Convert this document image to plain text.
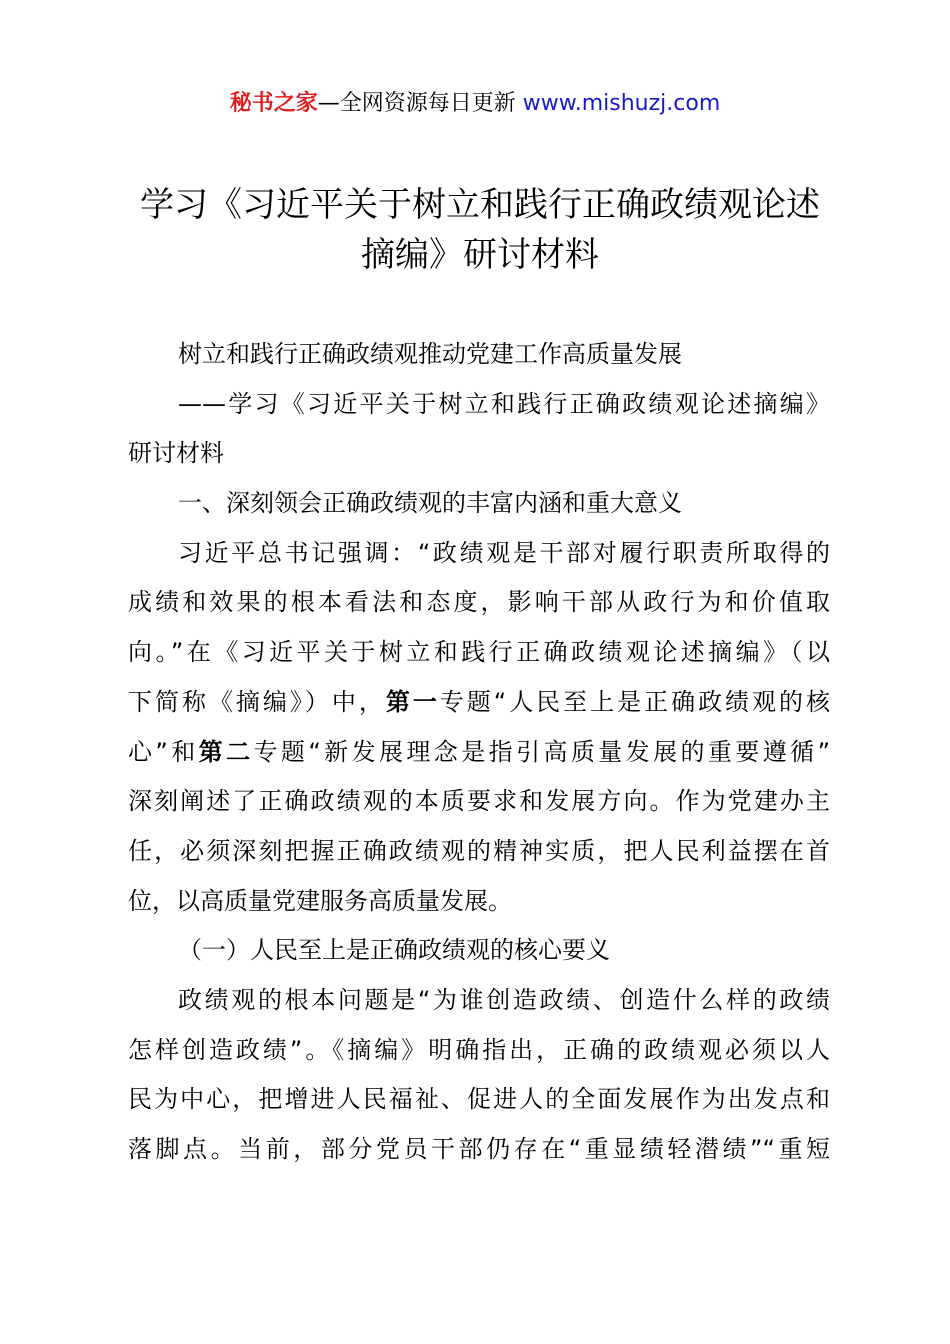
秘书之家—全网资源每日更新 www.mishuzj.com
学习《习近平关于树立和践行正确政绩观论述
摘编》研讨材料
树立和践行正确政绩观推动党建工作高质量发展
——学习《习近平关于树立和践行正确政绩观论述摘编》
研讨材料
一、深刻领会正确政绩观的丰富内涵和重大意义
习近平总书记强调：“政绩观是干部对履行职责所取得的
成绩和效果的根本看法和态度，影响干部从政行为和价值取
向。”在《习近平关于树立和践行正确政绩观论述摘编》（以
下简称《摘编》）中，第一专题“人民至上是正确政绩观的核
心”和第二专题“新发展理念是指引高质量发展的重要遵循”
深刻阐述了正确政绩观的本质要求和发展方向。作为党建办主
任，必须深刻把握正确政绩观的精神实质，把人民利益摆在首
位，以高质量党建服务高质量发展。
（一）人民至上是正确政绩观的核心要义
政绩观的根本问题是“为谁创造政绩、创造什么样的政绩
怎样创造政绩”。《摘编》明确指出，正确的政绩观必须以人
民为中心，把增进人民福祉、促进人的全面发展作为出发点和
落脚点。当前，部分党员干部仍存在“重显绩轻潜绩”“重短
